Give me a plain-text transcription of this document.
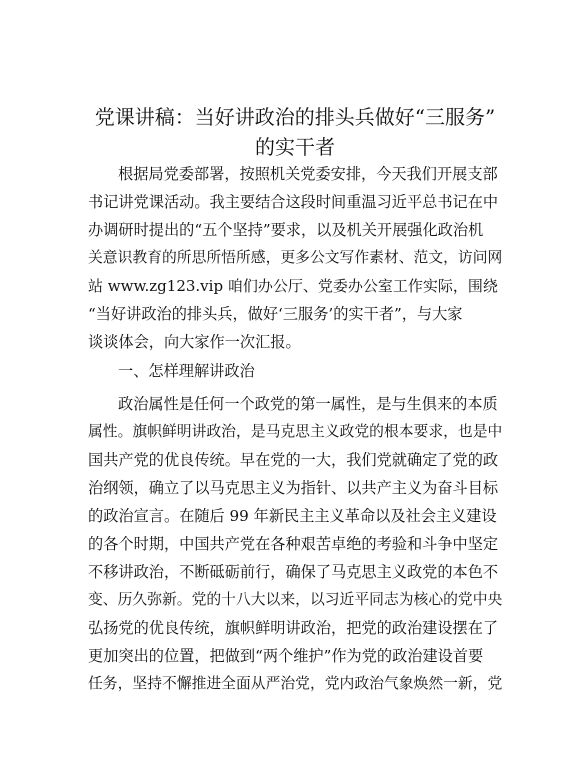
党课讲稿：当好讲政治的排头兵做好“三服务”
的实干者

根据局党委部署，按照机关党委安排，今天我们开展支部

书记讲党课活动。我主要结合这段时间重温习近平总书记在中

办调研时提出的“五个坚持”要求，以及机关开展强化政治机

关意识教育的所思所悟所感，更多公文写作素材、范文，访问网

站 www.zg123.vip 咱们办公厅、党委办公室工作实际，围绕

“当好讲政治的排头兵，做好‘三服务’的实干者”，与大家

谈谈体会，向大家作一次汇报。

一、怎样理解讲政治

政治属性是任何一个政党的第一属性，是与生俱来的本质

属性。旗帜鲜明讲政治，是马克思主义政党的根本要求，也是中

国共产党的优良传统。早在党的一大，我们党就确定了党的政

治纲领，确立了以马克思主义为指针、以共产主义为奋斗目标

的政治宣言。在随后 99 年新民主主义革命以及社会主义建设

的各个时期，中国共产党在各种艰苦卓绝的考验和斗争中坚定

不移讲政治，不断砥砺前行，确保了马克思主义政党的本色不

变、历久弥新。党的十八大以来，以习近平同志为核心的党中央

弘扬党的优良传统，旗帜鲜明讲政治，把党的政治建设摆在了

更加突出的位置，把做到“两个维护”作为党的政治建设首要

任务，坚持不懈推进全面从严治党，党内政治气象焕然一新，党
